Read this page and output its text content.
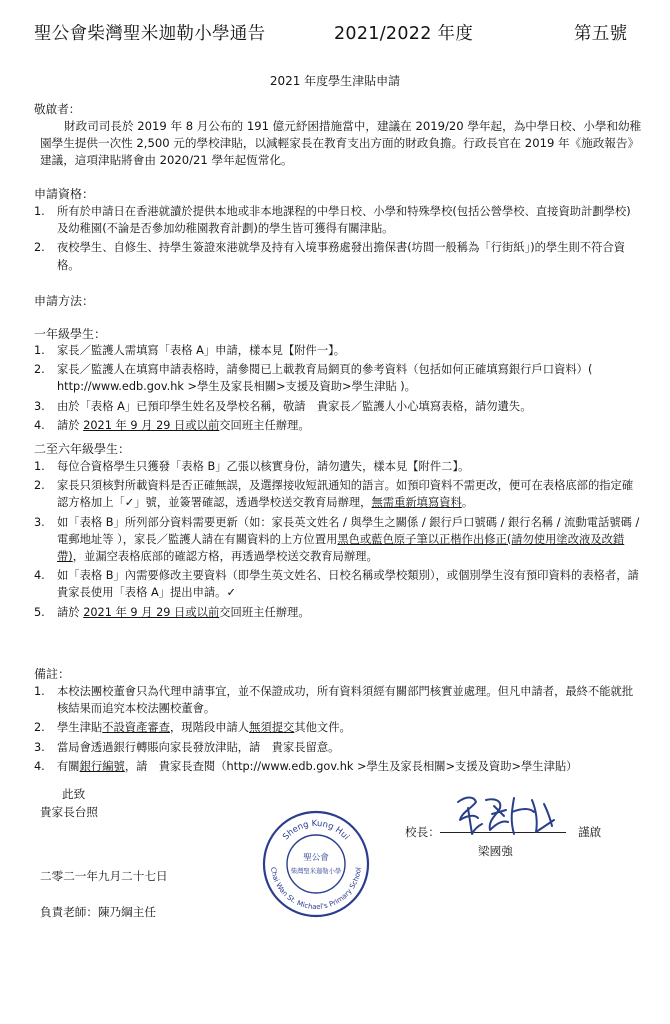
聖公會柴灣聖米迦勒小學通告	2021/2022 年度	第五號
2021 年度學生津貼申請
敬啟者：
財政司司長於 2019 年 8 月公布的 191 億元紓困措施當中，建議在 2019/20 學年起，為中學日校、小學和幼稚園學生提供一次性 2,500 元的學校津貼，以減輕家長在教育支出方面的財政負擔。行政長官在 2019 年《施政報告》建議，這項津貼將會由 2020/21 學年起恆常化。
申請資格：
1. 所有於申請日在香港就讀於提供本地或非本地課程的中學日校、小學和特殊學校(包括公營學校、直接資助計劃學校)及幼稚園(不論是否參加幼稚園教育計劃)的學生皆可獲得有關津貼。
2. 夜校學生、自修生、持學生簽證來港就學及持有入境事務處發出擔保書(坊間一般稱為「行街紙」)的學生則不符合資格。
申請方法：
一年級學生：
1. 家長／監護人需填寫「表格 A」申請，樣本見【附件一】。
2. 家長／監護人在填寫申請表格時，請參閱已上載教育局網頁的參考資料（包括如何正確填寫銀行戶口資料）( http://www.edb.gov.hk >學生及家長相關>支援及資助>學生津貼 )。
3. 由於「表格 A」已預印學生姓名及學校名稱，敬請　貴家長／監護人小心填寫表格，請勿遺失。
4. 請於 2021 年 9 月 29 日或以前交回班主任辦理。
二至六年級學生：
1. 每位合資格學生只獲發「表格 B」乙張以核實身份，請勿遺失，樣本見【附件二】。
2. 家長只須核對所載資料是否正確無誤，及選擇接收短訊通知的語言。如預印資料不需更改，便可在表格底部的指定確認方格加上「✓」號，並簽署確認，透過學校送交教育局辦理，無需重新填寫資料。
3. 如「表格 B」所列部分資料需要更新（如：家長英文姓名 / 與學生之關係 / 銀行戶口號碼 / 銀行名稱 / 流動電話號碼 / 電郵地址等 ），家長／監護人請在有關資料的上方位置用黑色或藍色原子筆以正楷作出修正(請勿使用塗改液及改錯帶)，並漏空表格底部的確認方格，再透過學校送交教育局辦理。
4. 如「表格 B」內需要修改主要資料（即學生英文姓名、日校名稱或學校類別），或個別學生沒有預印資料的表格者，請 貴家長使用「表格 A」提出申請。✓
5. 請於 2021 年 9 月 29 日或以前交回班主任辦理。
備註：
1. 本校法團校董會只為代理申請事宜，並不保證成功，所有資料須經有關部門核實並處理。但凡申請者，最終不能就批核結果而追究本校法團校董會。
2. 學生津貼不設資產審查，現階段申請人無須提交其他文件。
3. 當局會透過銀行轉賬向家長發放津貼，請　貴家長留意。
4. 有關銀行編號，請　貴家長查閱（http://www.edb.gov.hk >學生及家長相關>支援及資助>學生津貼）
此致
貴家長台照
Sheng Kung Hui
Chai Wan St. Michael's Primary School
聖公會
柴灣聖米迦勒小學
校長：	謹啟
梁國強
二零二一年九月二十七日
負責老師：陳乃綱主任
